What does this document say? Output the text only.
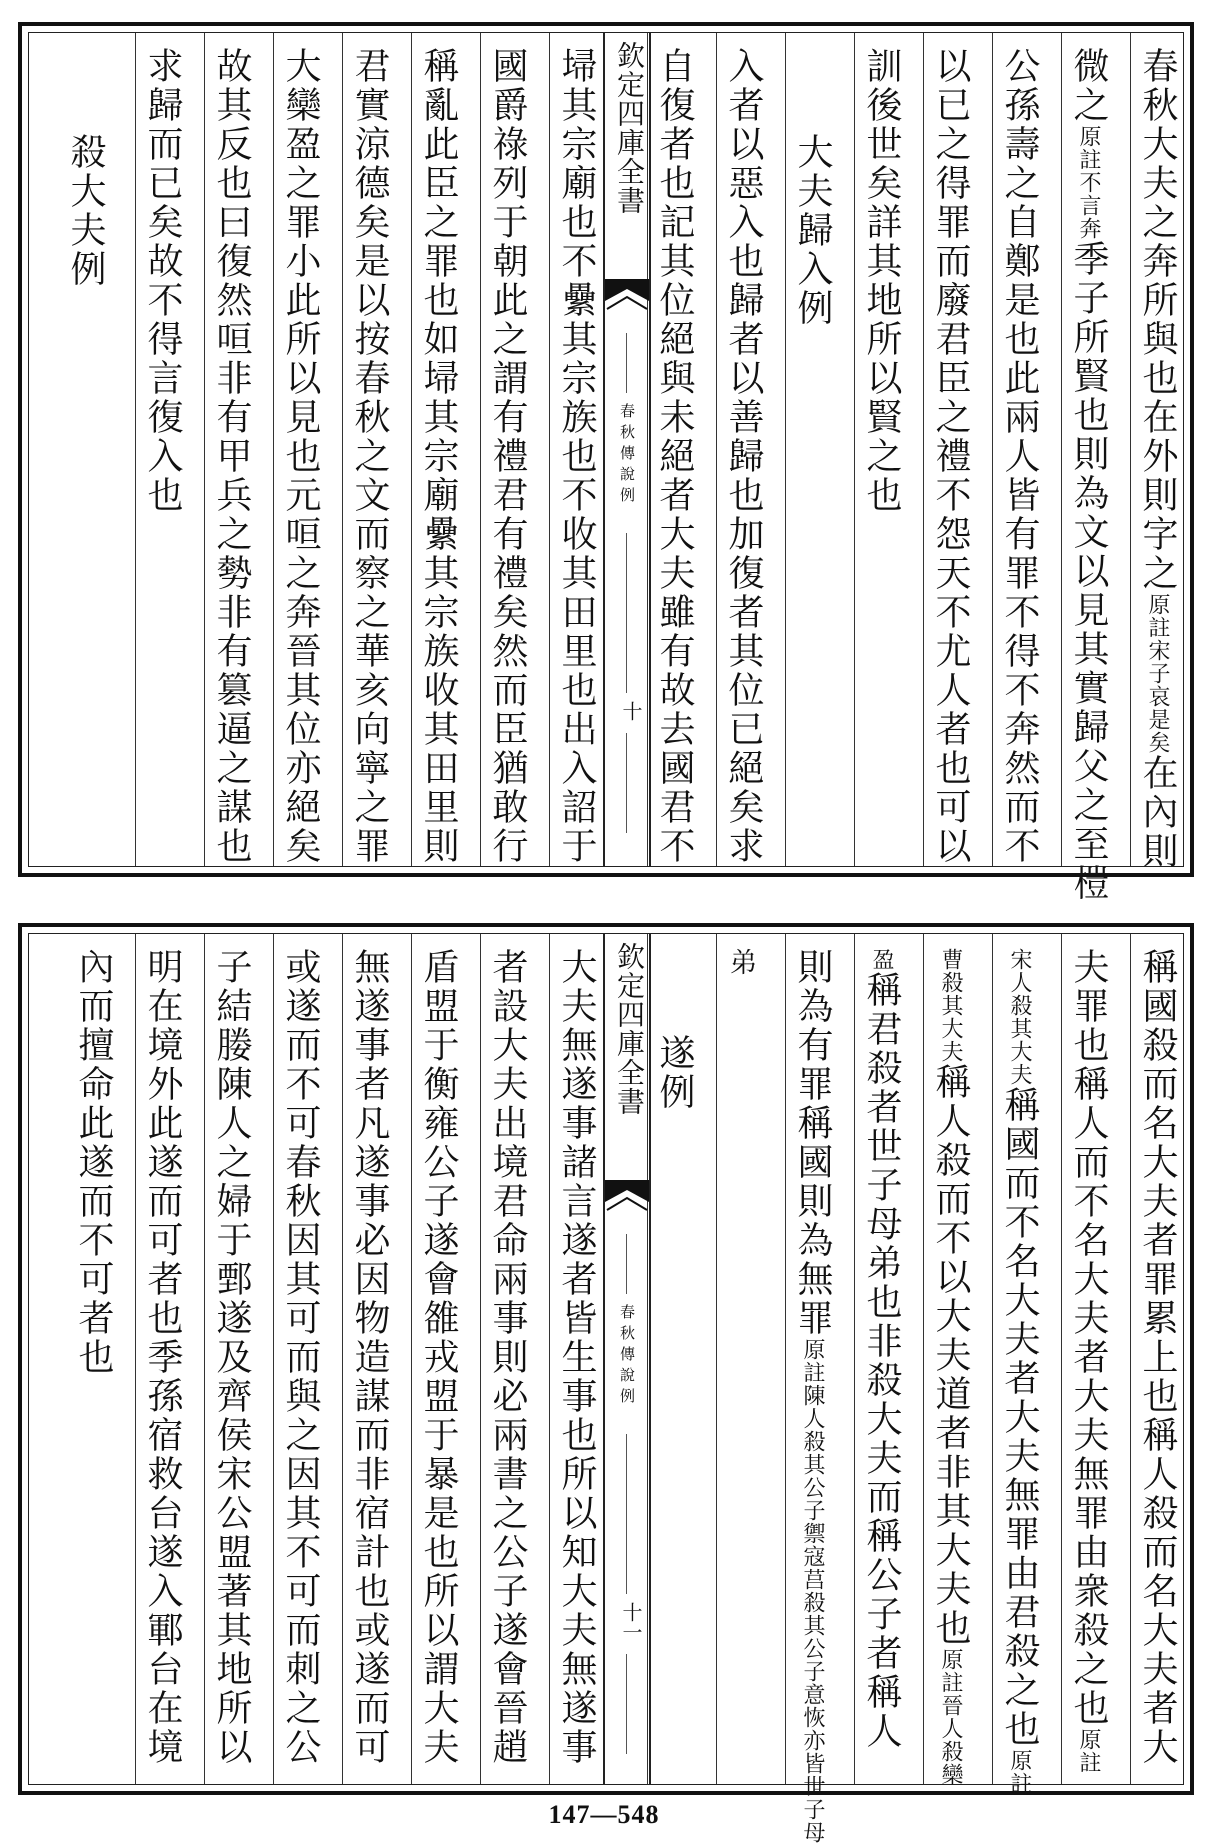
春秋大夫之奔所與也在外則字之原註宋子哀是矣在內則
微之原註不言奔季子所賢也則為文以見其實歸父之至榿
公孫壽之自鄭是也此兩人皆有罪不得不奔然而不
以已之得罪而廢君臣之禮不怨天不尤人者也可以
訓後世矣詳其地所以賢之也
大夫歸入例
入者以惡入也歸者以善歸也加復者其位已絕矣求
自復者也記其位絕與未絕者大夫雖有故去國君不
欽定四庫全書
春秋傳說例
十
埽其宗廟也不纍其宗族也不收其田里也出入詔于
國爵祿列于朝此之謂有禮君有禮矣然而臣猶敢行
稱亂此臣之罪也如埽其宗廟纍其宗族收其田里則
君實涼德矣是以按春秋之文而察之華亥向寧之罪
大欒盈之罪小此所以見也元咺之奔晉其位亦絕矣
故其反也曰復然咺非有甲兵之勢非有篡逼之謀也
求歸而已矣故不得言復入也
殺大夫例
稱國殺而名大夫者罪累上也稱人殺而名大夫者大
夫罪也稱人而不名大夫者大夫無罪由衆殺之也原註
宋人殺其大夫稱國而不名大夫者大夫無罪由君殺之也原註
曹殺其大夫稱人殺而不以大夫道者非其大夫也原註晉人殺欒
盈稱君殺者世子母弟也非殺大夫而稱公子者稱人
則為有罪稱國則為無罪原註陳人殺其公子禦寇莒殺其公子意恢亦皆世子母
弟
遂例
欽定四庫全書
春秋傳說例
十一
大夫無遂事諸言遂者皆生事也所以知大夫無遂事
者設大夫出境君命兩事則必兩書之公子遂會晉趙
盾盟于衡雍公子遂會雒戎盟于暴是也所以謂大夫
無遂事者凡遂事必因物造謀而非宿計也或遂而可
或遂而不可春秋因其可而與之因其不可而刺之公
子結媵陳人之婦于鄄遂及齊侯宋公盟著其地所以
明在境外此遂而可者也季孫宿救台遂入鄆台在境
內而擅命此遂而不可者也
147—548
